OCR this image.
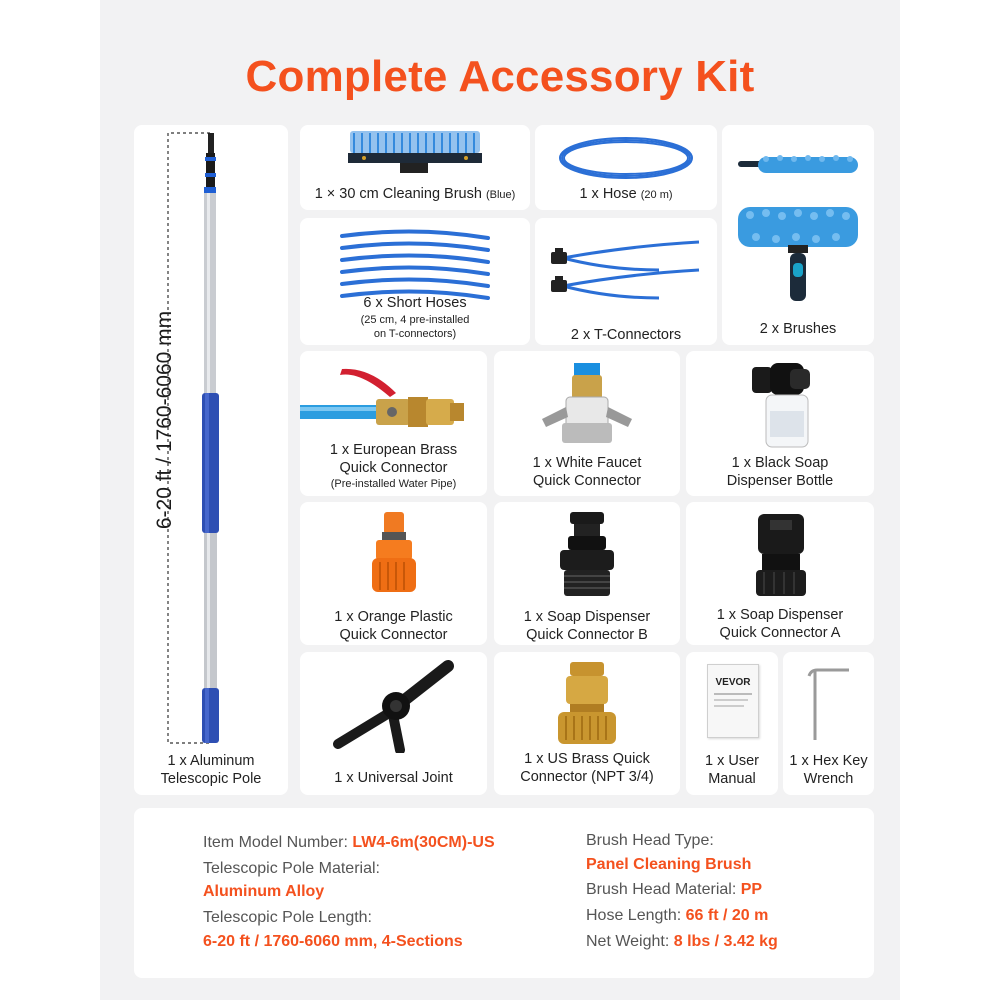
Complete Accessory Kit
6-20 ft / 1760-6060 mm
1 x Aluminum
Telescopic Pole
1 × 30 cm Cleaning Brush (Blue)	1 x Hose (20 m)
2 x Brushes
6 x Short Hoses
(25 cm, 4 pre-installed
on T-connectors)	2 x T-Connectors
1 x European Brass
Quick Connector
(Pre-installed Water Pipe)
1 x White Faucet
Quick Connector
1 x Black Soap
Dispenser Bottle
1 x Orange Plastic
Quick Connector
1 x Soap Dispenser
Quick Connector B
1 x Soap Dispenser
Quick Connector A
1 x Universal Joint
1 x US Brass Quick
Connector (NPT 3/4)
VEVOR
1 x User
Manual
1 x Hex Key
Wrench
Item Model Number: LW4-6m(30CM)-US
Telescopic Pole Material:
Aluminum Alloy
Telescopic Pole Length:
6-20 ft / 1760-6060 mm, 4-Sections
Brush Head Type:
Panel Cleaning Brush
Brush Head Material: PP
Hose Length: 66 ft / 20 m
Net Weight: 8 lbs / 3.42 kg
